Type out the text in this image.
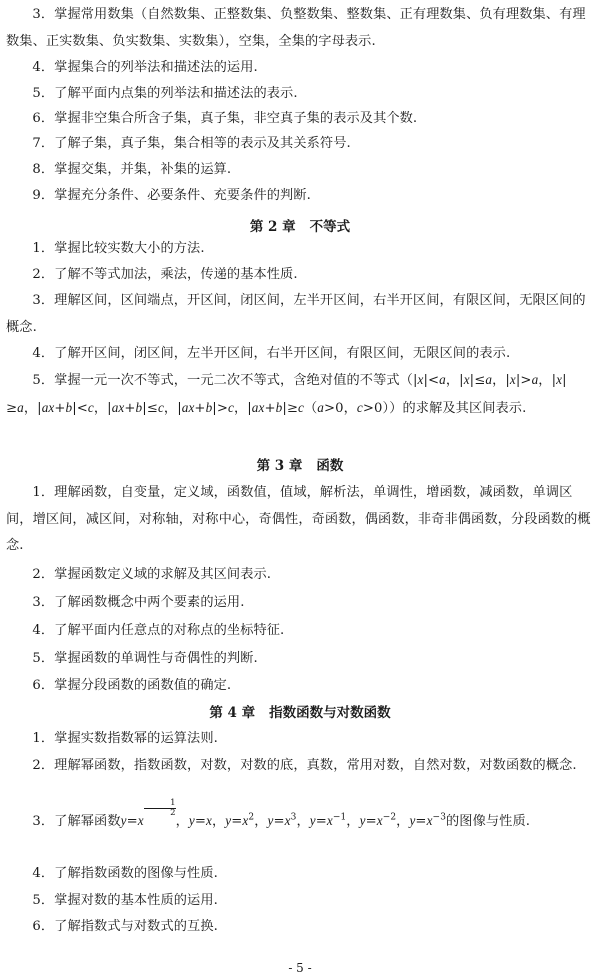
3．掌握常用数集（自然数集、正整数集、负整数集、整数集、正有理数集、负有理数集、有理数集、正实数集、负实数集、实数集），空集，全集的字母表示.

4．掌握集合的列举法和描述法的运用.

5．了解平面内点集的列举法和描述法的表示.

6．掌握非空集合所含子集，真子集，非空真子集的表示及其个数.

7．了解子集，真子集，集合相等的表示及其关系符号.

8．掌握交集，并集，补集的运算.

9．掌握充分条件、必要条件、充要条件的判断.

第 2 章 不等式

1．掌握比较实数大小的方法.

2．了解不等式加法，乘法，传递的基本性质.

3．理解区间，区间端点，开区间，闭区间，左半开区间，右半开区间，有限区间，无限区间的概念.

4．了解开区间，闭区间，左半开区间，右半开区间，有限区间，无限区间的表示.

5．掌握一元一次不等式，一元二次不等式，含绝对值的不等式（|x|<a，|x|≤a，|x|>a，|x|≥a，|ax+b|<c，|ax+b|≤c，|ax+b|>c，|ax+b|≥c（a>0，c>0））的求解及其区间表示.

第 3 章 函数

1．理解函数，自变量，定义域，函数值，值域，解析法，单调性，增函数，减函数，单调区间，增区间，减区间，对称轴，对称中心，奇偶性，奇函数，偶函数，非奇非偶函数，分段函数的概念.

2．掌握函数定义域的求解及其区间表示.

3．了解函数概念中两个要素的运用.

4．了解平面内任意点的对称点的坐标特征.

5．掌握函数的单调性与奇偶性的判断.

6．掌握分段函数的函数值的确定.

第 4 章 指数函数与对数函数

1．掌握实数指数幂的运算法则.

2．理解幂函数，指数函数，对数，对数的底，真数，常用对数，自然对数，对数函数的概念.

3．了解幂函数y=x
$\frac{1}{2}$
，y=x，$y=x^2$，$y=x^3$，$y=x^{-1}$，$y=x^{-2}$，$y=x^{-3}$的图像与性质.

4．了解指数函数的图像与性质.

5．掌握对数的基本性质的运用.

6．了解指数式与对数式的互换.

- 5 -
